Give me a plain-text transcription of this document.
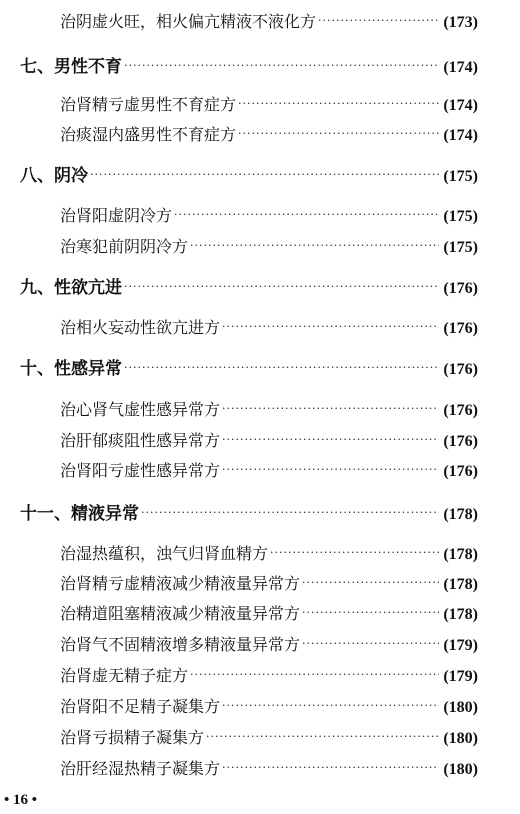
治阴虚火旺，相火偏亢精液不液化方 ·····	(173)
七、男性不育 ·····	(174)
治肾精亏虚男性不育症方 ·····	(174)
治痰湿内盛男性不育症方 ·····	(174)
八、阴冷 ·····	(175)
治肾阳虚阴冷方 ·····	(175)
治寒犯前阴阴冷方 ·····	(175)
九、性欲亢进 ·····	(176)
治相火妄动性欲亢进方 ·····	(176)
十、性感异常 ·····	(176)
治心肾气虚性感异常方 ·····	(176)
治肝郁痰阻性感异常方 ·····	(176)
治肾阳亏虚性感异常方 ·····	(176)
十一、精液异常 ·····	(178)
治湿热蕴积，浊气归肾血精方 ·····	(178)
治肾精亏虚精液减少精液量异常方 ·····	(178)
治精道阻塞精液减少精液量异常方 ·····	(178)
治肾气不固精液增多精液量异常方 ·····	(179)
治肾虚无精子症方 ·····	(179)
治肾阳不足精子凝集方 ·····	(180)
治肾亏损精子凝集方 ·····	(180)
治肝经湿热精子凝集方 ·····	(180)
• 16 •
